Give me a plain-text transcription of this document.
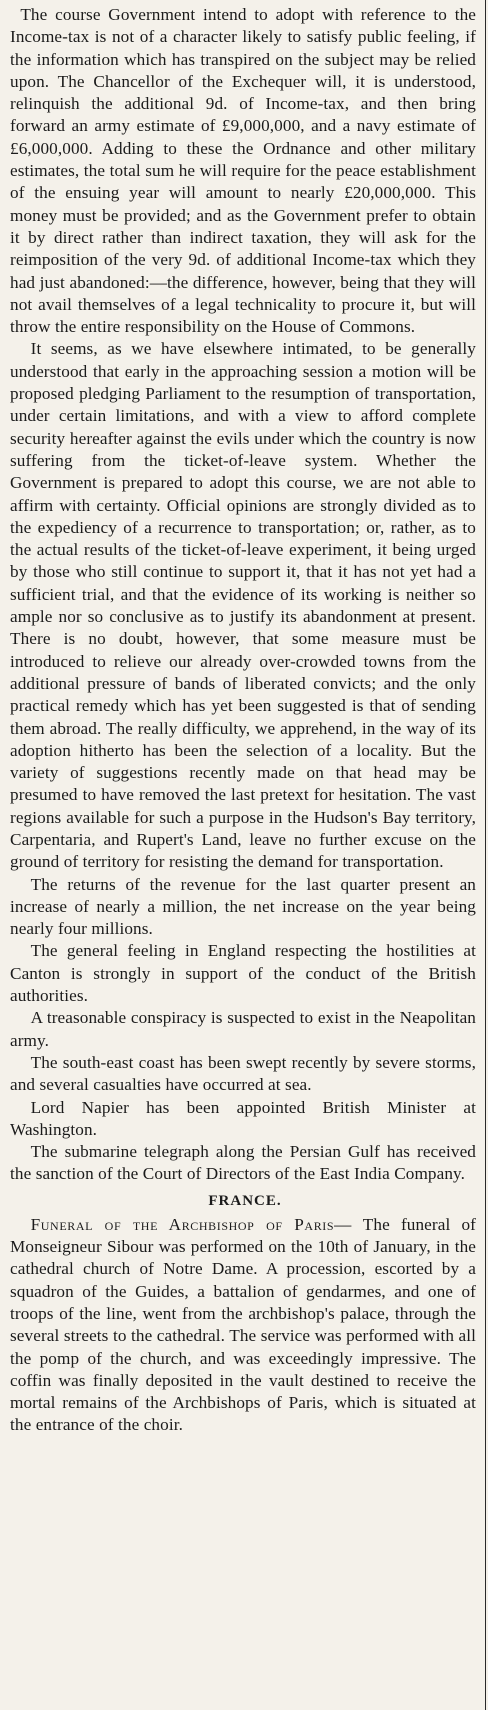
The course Government intend to adopt with reference to the Income-tax is not of a character likely to satisfy public feeling, if the information which has transpired on the subject may be relied upon. The Chancellor of the Exchequer will, it is understood, relinquish the additional 9d. of Income-tax, and then bring forward an army estimate of £9,000,000, and a navy estimate of £6,000,000. Adding to these the Ordnance and other military estimates, the total sum he will require for the peace establishment of the ensuing year will amount to nearly £20,000,000. This money must be provided; and as the Government prefer to obtain it by direct rather than indirect taxation, they will ask for the reimposition of the very 9d. of additional Income-tax which they had just abandoned:—the difference, however, being that they will not avail themselves of a legal technicality to procure it, but will throw the entire responsibility on the House of Commons.

It seems, as we have elsewhere intimated, to be generally understood that early in the approaching session a motion will be proposed pledging Parliament to the resumption of transportation, under certain limitations, and with a view to afford complete security hereafter against the evils under which the country is now suffering from the ticket-of-leave system. Whether the Government is prepared to adopt this course, we are not able to affirm with certainty. Official opinions are strongly divided as to the expediency of a recurrence to transportation; or, rather, as to the actual results of the ticket-of-leave experiment, it being urged by those who still continue to support it, that it has not yet had a sufficient trial, and that the evidence of its working is neither so ample nor so conclusive as to justify its abandonment at present. There is no doubt, however, that some measure must be introduced to relieve our already over-crowded towns from the additional pressure of bands of liberated convicts; and the only practical remedy which has yet been suggested is that of sending them abroad. The really difficulty, we apprehend, in the way of its adoption hitherto has been the selection of a locality. But the variety of suggestions recently made on that head may be presumed to have removed the last pretext for hesitation. The vast regions available for such a purpose in the Hudson's Bay territory, Carpentaria, and Rupert's Land, leave no further excuse on the ground of territory for resisting the demand for transportation.

The returns of the revenue for the last quarter present an increase of nearly a million, the net increase on the year being nearly four millions.

The general feeling in England respecting the hostilities at Canton is strongly in support of the conduct of the British authorities.

A treasonable conspiracy is suspected to exist in the Neapolitan army.

The south-east coast has been swept recently by severe storms, and several casualties have occurred at sea.

Lord Napier has been appointed British Minister at Washington.

The submarine telegraph along the Persian Gulf has received the sanction of the Court of Directors of the East India Company.

FRANCE.

Funeral of the Archbishop of Paris— The funeral of Monseigneur Sibour was performed on the 10th of January, in the cathedral church of Notre Dame. A procession, escorted by a squadron of the Guides, a battalion of gendarmes, and one of troops of the line, went from the archbishop's palace, through the several streets to the cathedral. The service was performed with all the pomp of the church, and was exceedingly impressive. The coffin was finally deposited in the vault destined to receive the mortal remains of the Archbishops of Paris, which is situated at the entrance of the choir.
